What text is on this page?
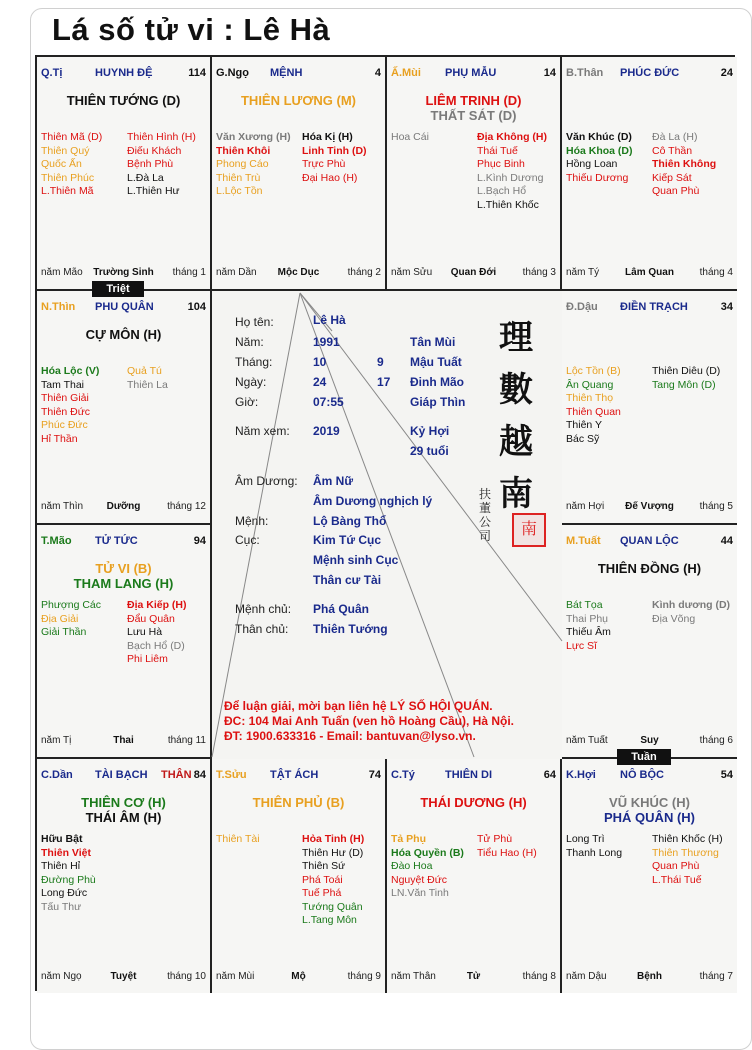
Lá số tử vi : Lê Hà
Q.Tị	HUYNH ĐỆ	114
THIÊN TƯỚNG (D)
Thiên Mã (D)
Thiên Quý
Quốc Ấn
Thiên Phúc
L.Thiên Mã
Thiên Hình (H)
Điếu Khách
Bệnh Phù
L.Đà La
L.Thiên Hư
năm Mão	Trường Sinh	tháng 1
G.Ngọ MỆNH	4
THIÊN LƯƠNG (M)
Văn Xương (H)
Thiên Khôi
Phong Cáo
Thiên Trù
L.Lộc Tồn
Hóa Kị (H)
Linh Tinh (D)
Trực Phù
Đại Hao (H)
năm Dần	Mộc Dục	tháng 2
Ấ.Mùi PHỤ MẪU	14
LIÊM TRINH (D)
THẤT SÁT (D)
Hoa Cái	Địa Không (H)
Thái Tuế
Phục Binh
L.Kình Dương
L.Bạch Hổ
L.Thiên Khốc
năm Sửu	Quan Đới	tháng 3
B.Thân PHÚC ĐỨC	24
Văn Khúc (D)
Hóa Khoa (D)
Hồng Loan
Thiếu Dương
Đà La (H)
Cô Thần
Thiên Không
Kiếp Sát
Quan Phù
năm Tý	Lâm Quan	tháng 4
N.Thìn PHU QUÂN	104
CỰ MÔN (H)
Hóa Lộc (V)
Tam Thai
Thiên Giải
Thiên Đức
Phúc Đức
Hỉ Thần
Quả Tú
Thiên La
năm Thìn	Dưỡng	tháng 12
Đ.Dậu ĐIỀN TRẠCH	34
Lộc Tồn (B)
Ân Quang
Thiên Thọ
Thiên Quan
Thiên Y
Bác Sỹ
Thiên Diêu (D)
Tang Môn (D)
năm Hợi	Đế Vượng	tháng 5
T.Mão TỬ TỨC	94
TỬ VI (B)
THAM LANG (H)
Phượng Các
Địa Giải
Giải Thần
Địa Kiếp (H)
Đẩu Quân
Lưu Hà
Bạch Hổ (D)
Phi Liêm
năm Tị	Thai	tháng 11
M.Tuất QUAN LỘC	44
THIÊN ĐỒNG (H)
Bát Tọa
Thai Phụ
Thiếu Âm
Lực Sĩ
Kình dương (D)
Địa Võng
năm Tuất	Suy	tháng 6
C.Dần TÀI BẠCH THÂN 84
THIÊN CƠ (H)
THÁI ÂM (H)
Hữu Bật
Thiên Việt
Thiên Hỉ
Đường Phù
Long Đức
Tấu Thư
năm Ngọ	Tuyệt	tháng 10
T.Sửu TẬT ÁCH	74
THIÊN PHỦ (B)
Thiên Tài	Hỏa Tinh (H)
Thiên Hư (D)
Thiên Sứ
Phá Toái
Tuế Phá
Tướng Quân
L.Tang Môn
năm Mùi	Mộ	tháng 9
C.Tý	THIÊN DI	64
THÁI DƯƠNG (H)
Tả Phụ
Hóa Quyền (B)
Đào Hoa
Nguyệt Đức
LN.Văn Tinh
Tử Phù
Tiểu Hao (H)
năm Thân	Tử	tháng 8
K.Hợi NÔ BỘC	54
VŨ KHÚC (H)
PHÁ QUÂN (H)
Long Trì
Thanh Long
Thiên Khốc (H)
Thiên Thương
Quan Phù
L.Thái Tuế
năm Dậu	Bệnh	tháng 7
Họ tên:	Lê Hà
Năm:	1991	Tân Mùi
Tháng:	10	9 Mậu Tuất
Ngày:	24	17 Đinh Mão
Giờ:	07:55	Giáp Thìn
Năm xem: 2019	Kỷ Hợi
29 tuổi
Âm Dương: Âm Nữ
Âm Dương nghịch lý
Mệnh:	Lộ Bàng Thổ
Cục:	Kim Tứ Cục
Mệnh sinh Cục
Thân cư Tài
Mệnh chủ: Phá Quân
Thân chủ: Thiên Tướng
理
數
越
南
扶董公司	南
Để luận giải, mời bạn liên hệ LÝ SỐ HỘI QUÁN.
ĐC: 104 Mai Anh Tuấn (ven hồ Hoàng Cầu), Hà Nội.
ĐT: 1900.633316 - Email: bantuvan@lyso.vn.
Triệt
Tuần
